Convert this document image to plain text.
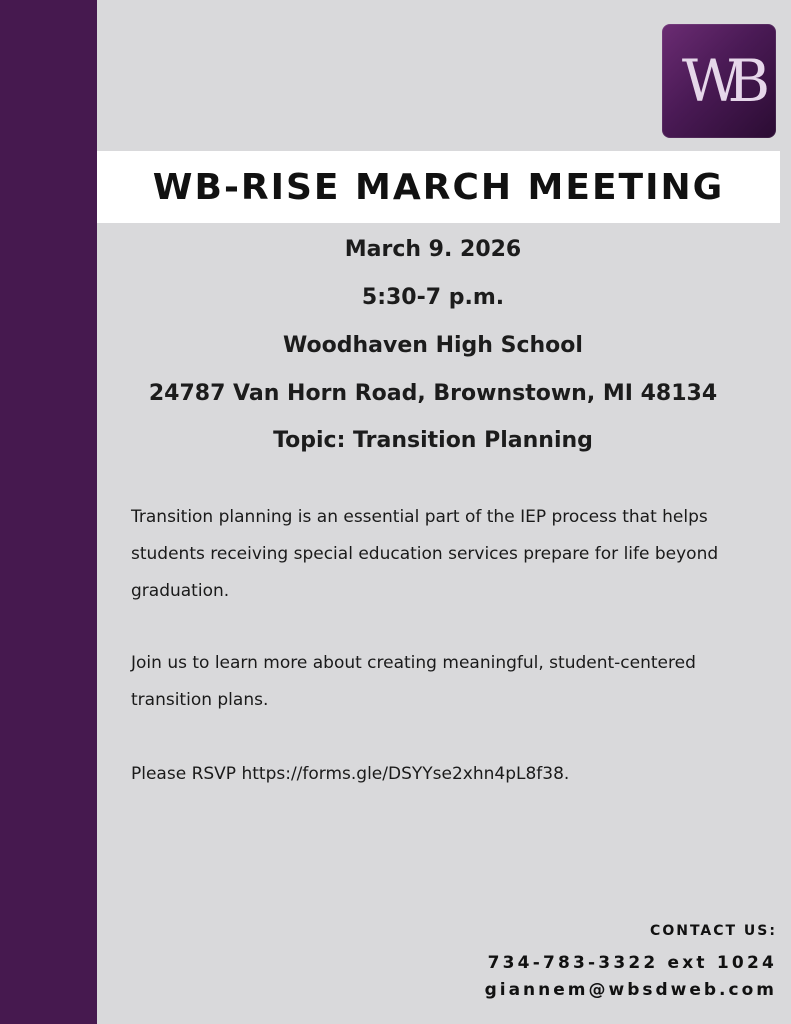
WB
WB-RISE MARCH MEETING
March 9. 2026
5:30-7 p.m.
Woodhaven High School
24787 Van Horn Road, Brownstown, MI 48134
Topic: Transition Planning
Transition planning is an essential part of the IEP process that helps students receiving special education services prepare for life beyond graduation.
Join us to learn more about creating meaningful, student-centered transition plans.
Please RSVP https://forms.gle/DSYYse2xhn4pL8f38.
CONTACT US:
734-783-3322 ext 1024
giannem@wbsdweb.com
